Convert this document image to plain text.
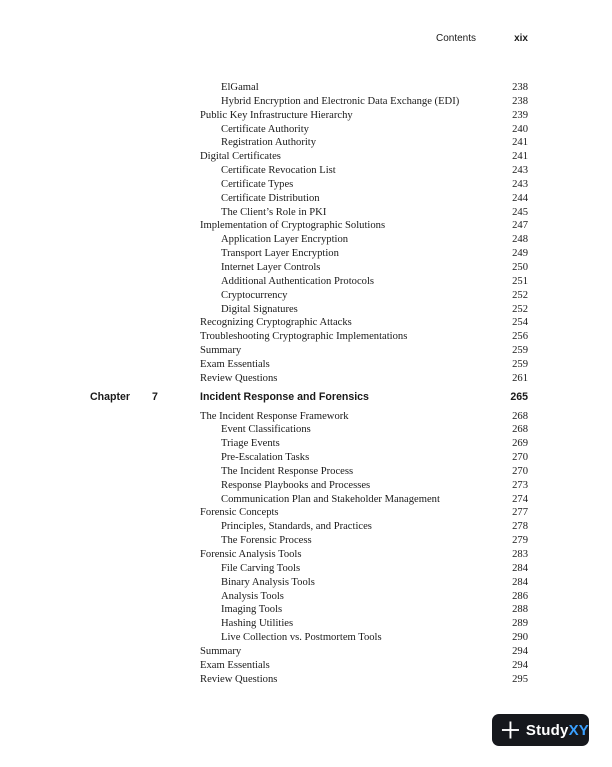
Contents	xix
ElGamal	238
Hybrid Encryption and Electronic Data Exchange (EDI)	238
Public Key Infrastructure Hierarchy	239
Certificate Authority	240
Registration Authority	241
Digital Certificates	241
Certificate Revocation List	243
Certificate Types	243
Certificate Distribution	244
The Client’s Role in PKI	245
Implementation of Cryptographic Solutions	247
Application Layer Encryption	248
Transport Layer Encryption	249
Internet Layer Controls	250
Additional Authentication Protocols	251
Cryptocurrency	252
Digital Signatures	252
Recognizing Cryptographic Attacks	254
Troubleshooting Cryptographic Implementations	256
Summary	259
Exam Essentials	259
Review Questions	261
Chapter 7	Incident Response and Forensics	265
The Incident Response Framework	268
Event Classifications	268
Triage Events	269
Pre-Escalation Tasks	270
The Incident Response Process	270
Response Playbooks and Processes	273
Communication Plan and Stakeholder Management	274
Forensic Concepts	277
Principles, Standards, and Practices	278
The Forensic Process	279
Forensic Analysis Tools	283
File Carving Tools	284
Binary Analysis Tools	284
Analysis Tools	286
Imaging Tools	288
Hashing Utilities	289
Live Collection vs. Postmortem Tools	290
Summary	294
Exam Essentials	294
Review Questions	295
StudyXY
